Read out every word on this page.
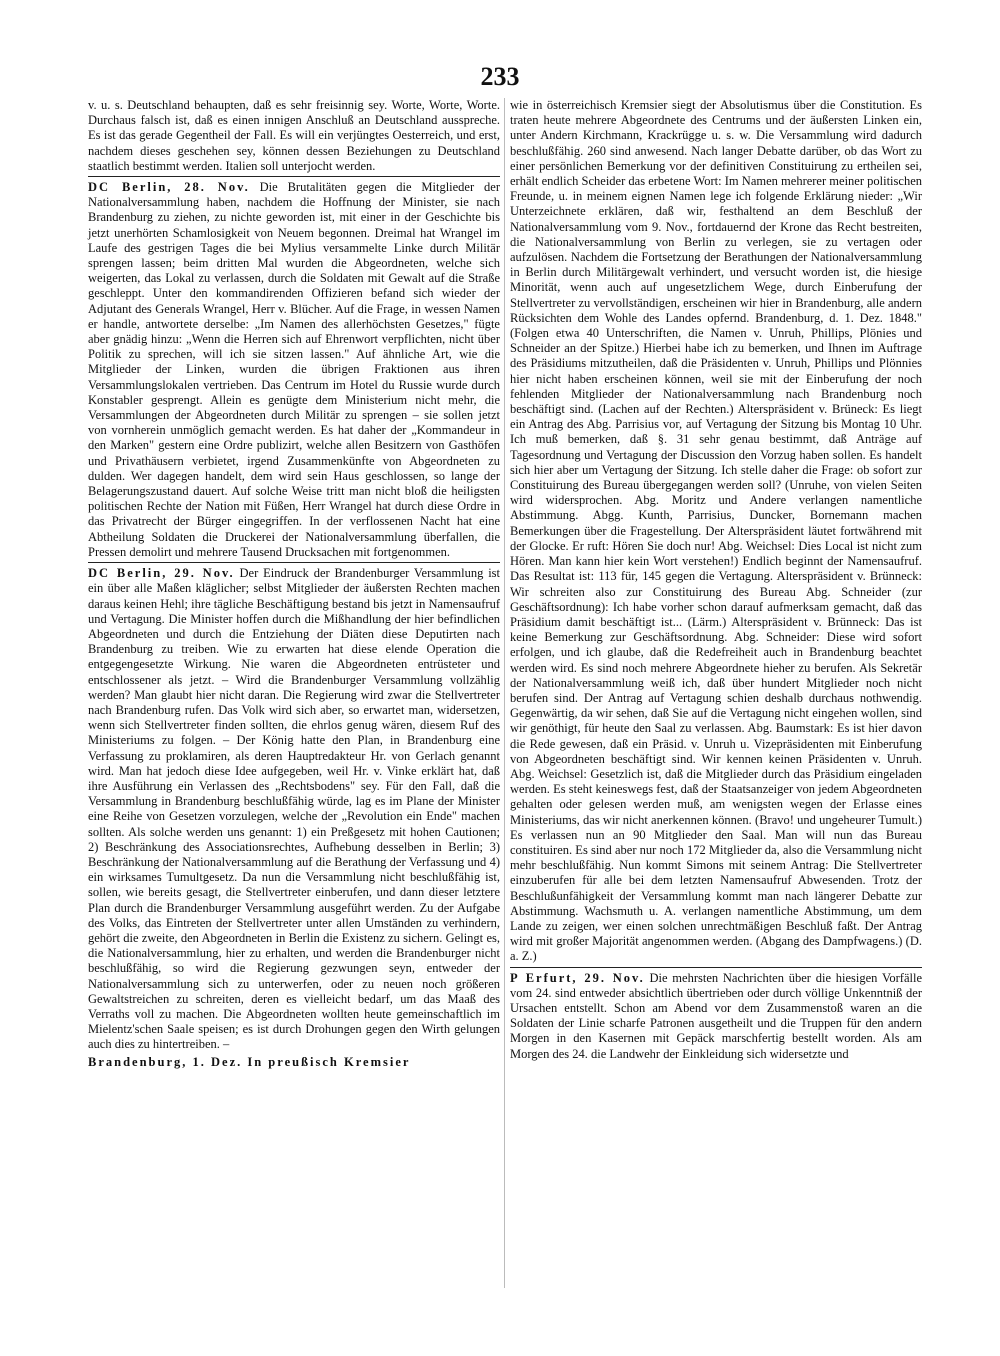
233

v. u. s. Deutschland behaupten, daß es sehr freisinnig sey. Worte, Worte, Worte. Durchaus falsch ist, daß es einen innigen Anschluß an Deutschland ausspreche. Es ist das gerade Gegentheil der Fall. Es will ein verjüngtes Oesterreich, und erst, nachdem dieses geschehen sey, können dessen Beziehungen zu Deutschland staatlich bestimmt werden. Italien soll unterjocht werden.

DC Berlin, 28. Nov. Die Brutalitäten gegen die Mitglieder der Nationalversammlung haben, nachdem die Hoffnung der Minister, sie nach Brandenburg zu ziehen, zu nichte geworden ist, mit einer in der Geschichte bis jetzt unerhörten Schamlosigkeit von Neuem begonnen. Dreimal hat Wrangel im Laufe des gestrigen Tages die bei Mylius versammelte Linke durch Militär sprengen lassen; beim dritten Mal wurden die Abgeordneten, welche sich weigerten, das Lokal zu verlassen, durch die Soldaten mit Gewalt auf die Straße geschleppt. Unter den kommandirenden Offizieren befand sich wieder der Adjutant des Generals Wrangel, Herr v. Blücher. Auf die Frage, in wessen Namen er handle, antwortete derselbe: „Im Namen des allerhöchsten Gesetzes," fügte aber gnädig hinzu: „Wenn die Herren sich auf Ehrenwort verpflichten, nicht über Politik zu sprechen, will ich sie sitzen lassen." Auf ähnliche Art, wie die Mitglieder der Linken, wurden die übrigen Fraktionen aus ihren Versammlungslokalen vertrieben. Das Centrum im Hotel du Russie wurde durch Konstabler gesprengt. Allein es genügte dem Ministerium nicht mehr, die Versammlungen der Abgeordneten durch Militär zu sprengen – sie sollen jetzt von vornherein unmöglich gemacht werden. Es hat daher der „Kommandeur in den Marken" gestern eine Ordre publizirt, welche allen Besitzern von Gasthöfen und Privathäusern verbietet, irgend Zusammenkünfte von Abgeordneten zu dulden. Wer dagegen handelt, dem wird sein Haus geschlossen, so lange der Belagerungszustand dauert. Auf solche Weise tritt man nicht bloß die heiligsten politischen Rechte der Nation mit Füßen, Herr Wrangel hat durch diese Ordre in das Privatrecht der Bürger eingegriffen. In der verflossenen Nacht hat eine Abtheilung Soldaten die Druckerei der Nationalversammlung überfallen, die Pressen demolirt und mehrere Tausend Drucksachen mit fortgenommen.

DC Berlin, 29. Nov. Der Eindruck der Brandenburger Versammlung ist ein über alle Maßen kläglicher; selbst Mitglieder der äußersten Rechten machen daraus keinen Hehl; ihre tägliche Beschäftigung bestand bis jetzt in Namensaufruf und Vertagung. Die Minister hoffen durch die Mißhandlung der hier befindlichen Abgeordneten und durch die Entziehung der Diäten diese Deputirten nach Brandenburg zu treiben. Wie zu erwarten hat diese elende Operation die entgegengesetzte Wirkung. Nie waren die Abgeordneten entrüsteter und entschlossener als jetzt. – Wird die Brandenburger Versammlung vollzählig werden? Man glaubt hier nicht daran. Die Regierung wird zwar die Stellvertreter nach Brandenburg rufen. Das Volk wird sich aber, so erwartet man, widersetzen, wenn sich Stellvertreter finden sollten, die ehrlos genug wären, diesem Ruf des Ministeriums zu folgen. – Der König hatte den Plan, in Brandenburg eine Verfassung zu proklamiren, als deren Hauptredakteur Hr. von Gerlach genannt wird. Man hat jedoch diese Idee aufgegeben, weil Hr. v. Vinke erklärt hat, daß ihre Ausführung ein Verlassen des „Rechtsbodens" sey. Für den Fall, daß die Versammlung in Brandenburg beschlußfähig würde, lag es im Plane der Minister eine Reihe von Gesetzen vorzulegen, welche der „Revolution ein Ende" machen sollten. Als solche werden uns genannt: 1) ein Preßgesetz mit hohen Cautionen; 2) Beschränkung des Associationsrechtes, Aufhebung desselben in Berlin; 3) Beschränkung der Nationalversammlung auf die Berathung der Verfassung und 4) ein wirksames Tumultgesetz. Da nun die Versammlung nicht beschlußfähig ist, sollen, wie bereits gesagt, die Stellvertreter einberufen, und dann dieser letztere Plan durch die Brandenburger Versammlung ausgeführt werden. Zu der Aufgabe des Volks, das Eintreten der Stellvertreter unter allen Umständen zu verhindern, gehört die zweite, den Abgeordneten in Berlin die Existenz zu sichern. Gelingt es, die Nationalversammlung, hier zu erhalten, und werden die Brandenburger nicht beschlußfähig, so wird die Regierung gezwungen seyn, entweder der Nationalversammlung sich zu unterwerfen, oder zu neuen noch größeren Gewaltstreichen zu schreiten, deren es vielleicht bedarf, um das Maaß des Verraths voll zu machen. Die Abgeordneten wollten heute gemeinschaftlich im Mielentz'schen Saale speisen; es ist durch Drohungen gegen den Wirth gelungen auch dies zu hintertreiben. –

Brandenburg, 1. Dez. In preußisch Kremsier

wie in österreichisch Kremsier siegt der Absolutismus über die Constitution. Es traten heute mehrere Abgeordnete des Centrums und der äußersten Linken ein, unter Andern Kirchmann, Krackrügge u. s. w. Die Versammlung wird dadurch beschlußfähig. 260 sind anwesend. Nach langer Debatte darüber, ob das Wort zu einer persönlichen Bemerkung vor der definitiven Constituirung zu ertheilen sei, erhält endlich Scheider das erbetene Wort: Im Namen mehrerer meiner politischen Freunde, u. in meinem eignen Namen lege ich folgende Erklärung nieder: „Wir Unterzeichnete erklären, daß wir, festhaltend an dem Beschluß der Nationalversammlung vom 9. Nov., fortdauernd der Krone das Recht bestreiten, die Nationalversammlung von Berlin zu verlegen, sie zu vertagen oder aufzulösen. Nachdem die Fortsetzung der Berathungen der Nationalversammlung in Berlin durch Militärgewalt verhindert, und versucht worden ist, die hiesige Minorität, wenn auch auf ungesetzlichem Wege, durch Einberufung der Stellvertreter zu vervollständigen, erscheinen wir hier in Brandenburg, alle andern Rücksichten dem Wohle des Landes opfernd. Brandenburg, d. 1. Dez. 1848." (Folgen etwa 40 Unterschriften, die Namen v. Unruh, Phillips, Plönies und Schneider an der Spitze.) Hierbei habe ich zu bemerken, und Ihnen im Auftrage des Präsidiums mitzutheilen, daß die Präsidenten v. Unruh, Phillips und Plönnies hier nicht haben erscheinen können, weil sie mit der Einberufung der noch fehlenden Mitglieder der Nationalversammlung nach Brandenburg noch beschäftigt sind. (Lachen auf der Rechten.) Alterspräsident v. Brüneck: Es liegt ein Antrag des Abg. Parrisius vor, auf Vertagung der Sitzung bis Montag 10 Uhr. Ich muß bemerken, daß §. 31 sehr genau bestimmt, daß Anträge auf Tagesordnung und Vertagung der Discussion den Vorzug haben sollen. Es handelt sich hier aber um Vertagung der Sitzung. Ich stelle daher die Frage: ob sofort zur Constituirung des Bureau übergegangen werden soll? (Unruhe, von vielen Seiten wird widersprochen. Abg. Moritz und Andere verlangen namentliche Abstimmung. Abgg. Kunth, Parrisius, Duncker, Bornemann machen Bemerkungen über die Fragestellung. Der Alterspräsident läutet fortwährend mit der Glocke. Er ruft: Hören Sie doch nur! Abg. Weichsel: Dies Local ist nicht zum Hören. Man kann hier kein Wort verstehen!) Endlich beginnt der Namensaufruf. Das Resultat ist: 113 für, 145 gegen die Vertagung. Alterspräsident v. Brünneck: Wir schreiten also zur Constituirung des Bureau Abg. Schneider (zur Geschäftsordnung): Ich habe vorher schon darauf aufmerksam gemacht, daß das Präsidium damit beschäftigt ist... (Lärm.) Alterspräsident v. Brünneck: Das ist keine Bemerkung zur Geschäftsordnung. Abg. Schneider: Diese wird sofort erfolgen, und ich glaube, daß die Redefreiheit auch in Brandenburg beachtet werden wird. Es sind noch mehrere Abgeordnete hieher zu berufen. Als Sekretär der Nationalversammlung weiß ich, daß über hundert Mitglieder noch nicht berufen sind. Der Antrag auf Vertagung schien deshalb durchaus nothwendig. Gegenwärtig, da wir sehen, daß Sie auf die Vertagung nicht eingehen wollen, sind wir genöthigt, für heute den Saal zu verlassen. Abg. Baumstark: Es ist hier davon die Rede gewesen, daß ein Präsid. v. Unruh u. Vizepräsidenten mit Einberufung von Abgeordneten beschäftigt sind. Wir kennen keinen Präsidenten v. Unruh. Abg. Weichsel: Gesetzlich ist, daß die Mitglieder durch das Präsidium eingeladen werden. Es steht keineswegs fest, daß der Staatsanzeiger von jedem Abgeordneten gehalten oder gelesen werden muß, am wenigsten wegen der Erlasse eines Ministeriums, das wir nicht anerkennen können. (Bravo! und ungeheurer Tumult.) Es verlassen nun an 90 Mitglieder den Saal. Man will nun das Bureau constituiren. Es sind aber nur noch 172 Mitglieder da, also die Versammlung nicht mehr beschlußfähig. Nun kommt Simons mit seinem Antrag: Die Stellvertreter einzuberufen für alle bei dem letzten Namensaufruf Abwesenden. Trotz der Beschlußunfähigkeit der Versammlung kommt man nach längerer Debatte zur Abstimmung. Wachsmuth u. A. verlangen namentliche Abstimmung, um dem Lande zu zeigen, wer einen solchen unrechtmäßigen Beschluß faßt. Der Antrag wird mit großer Majorität angenommen werden. (Abgang des Dampfwagens.) (D. a. Z.)

P Erfurt, 29. Nov. Die mehrsten Nachrichten über die hiesigen Vorfälle vom 24. sind entweder absichtlich übertrieben oder durch völlige Unkenntniß der Ursachen entstellt. Schon am Abend vor dem Zusammenstoß waren an die Soldaten der Linie scharfe Patronen ausgetheilt und die Truppen für den andern Morgen in den Kasernen mit Gepäck marschfertig bestellt worden. Als am Morgen des 24. die Landwehr der Einkleidung sich widersetzte und
